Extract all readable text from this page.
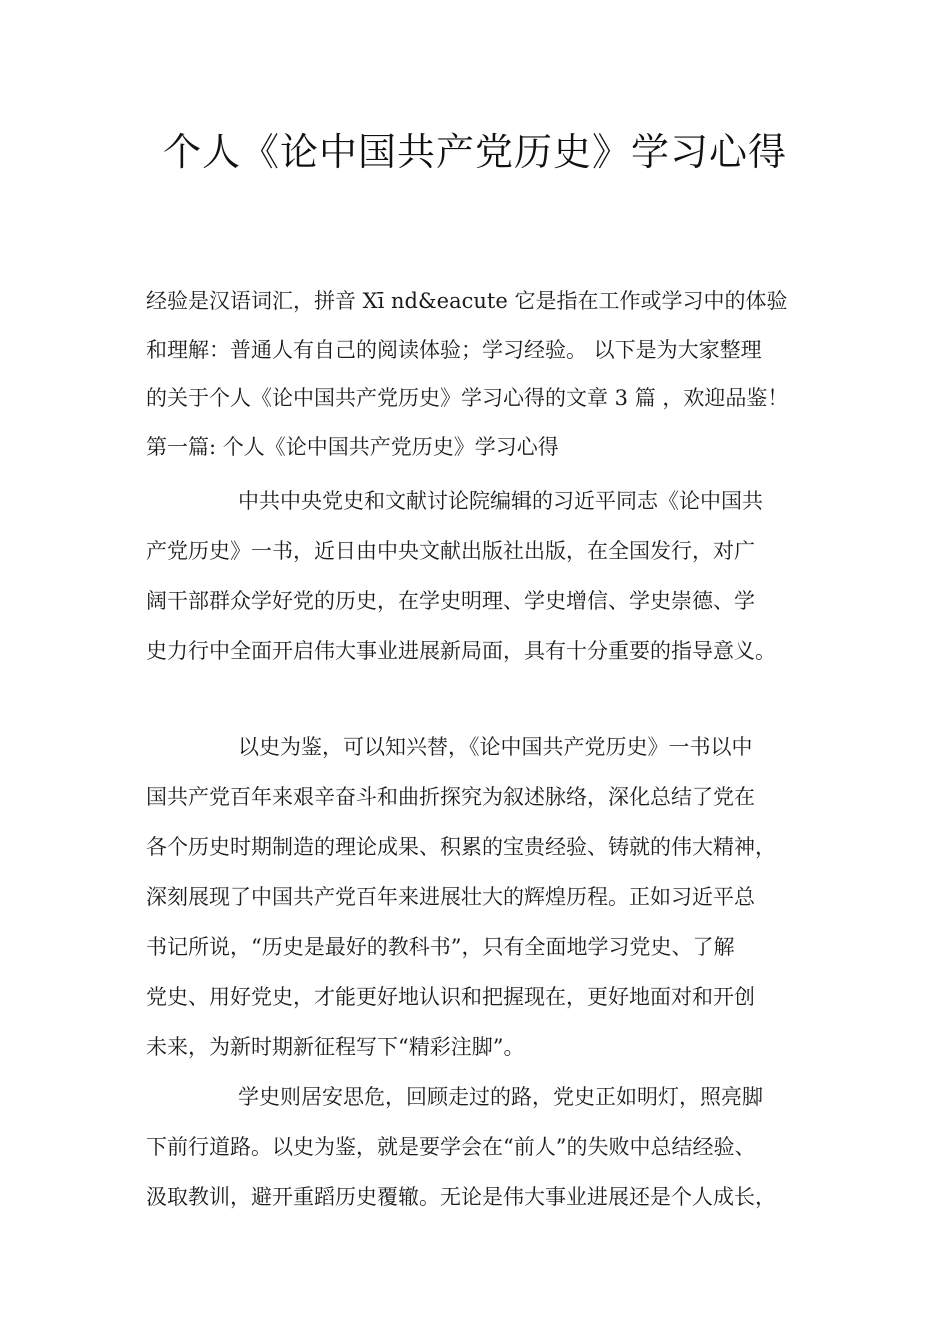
个人《论中国共产党历史》学习心得
经验是汉语词汇，拼音 Xī nd&eacute 它是指在工作或学习中的体验
和理解：普通人有自己的阅读体验；学习经验。 以下是为大家整理
的关于个人《论中国共产党历史》学习心得的文章 3 篇 ，欢迎品鉴！
第一篇: 个人《论中国共产党历史》学习心得
中共中央党史和文献讨论院编辑的习近平同志《论中国共
产党历史》一书，近日由中央文献出版社出版，在全国发行，对广
阔干部群众学好党的历史，在学史明理、学史增信、学史崇德、学
史力行中全面开启伟大事业进展新局面，具有十分重要的指导意义。
以史为鉴，可以知兴替，《论中国共产党历史》一书以中
国共产党百年来艰辛奋斗和曲折探究为叙述脉络，深化总结了党在
各个历史时期制造的理论成果、积累的宝贵经验、铸就的伟大精神，
深刻展现了中国共产党百年来进展壮大的辉煌历程。正如习近平总
书记所说，“历史是最好的教科书”，只有全面地学习党史、了解
党史、用好党史，才能更好地认识和把握现在，更好地面对和开创
未来，为新时期新征程写下“精彩注脚”。
学史则居安思危，回顾走过的路，党史正如明灯，照亮脚
下前行道路。以史为鉴，就是要学会在“前人”的失败中总结经验、
汲取教训，避开重蹈历史覆辙。无论是伟大事业进展还是个人成长，
